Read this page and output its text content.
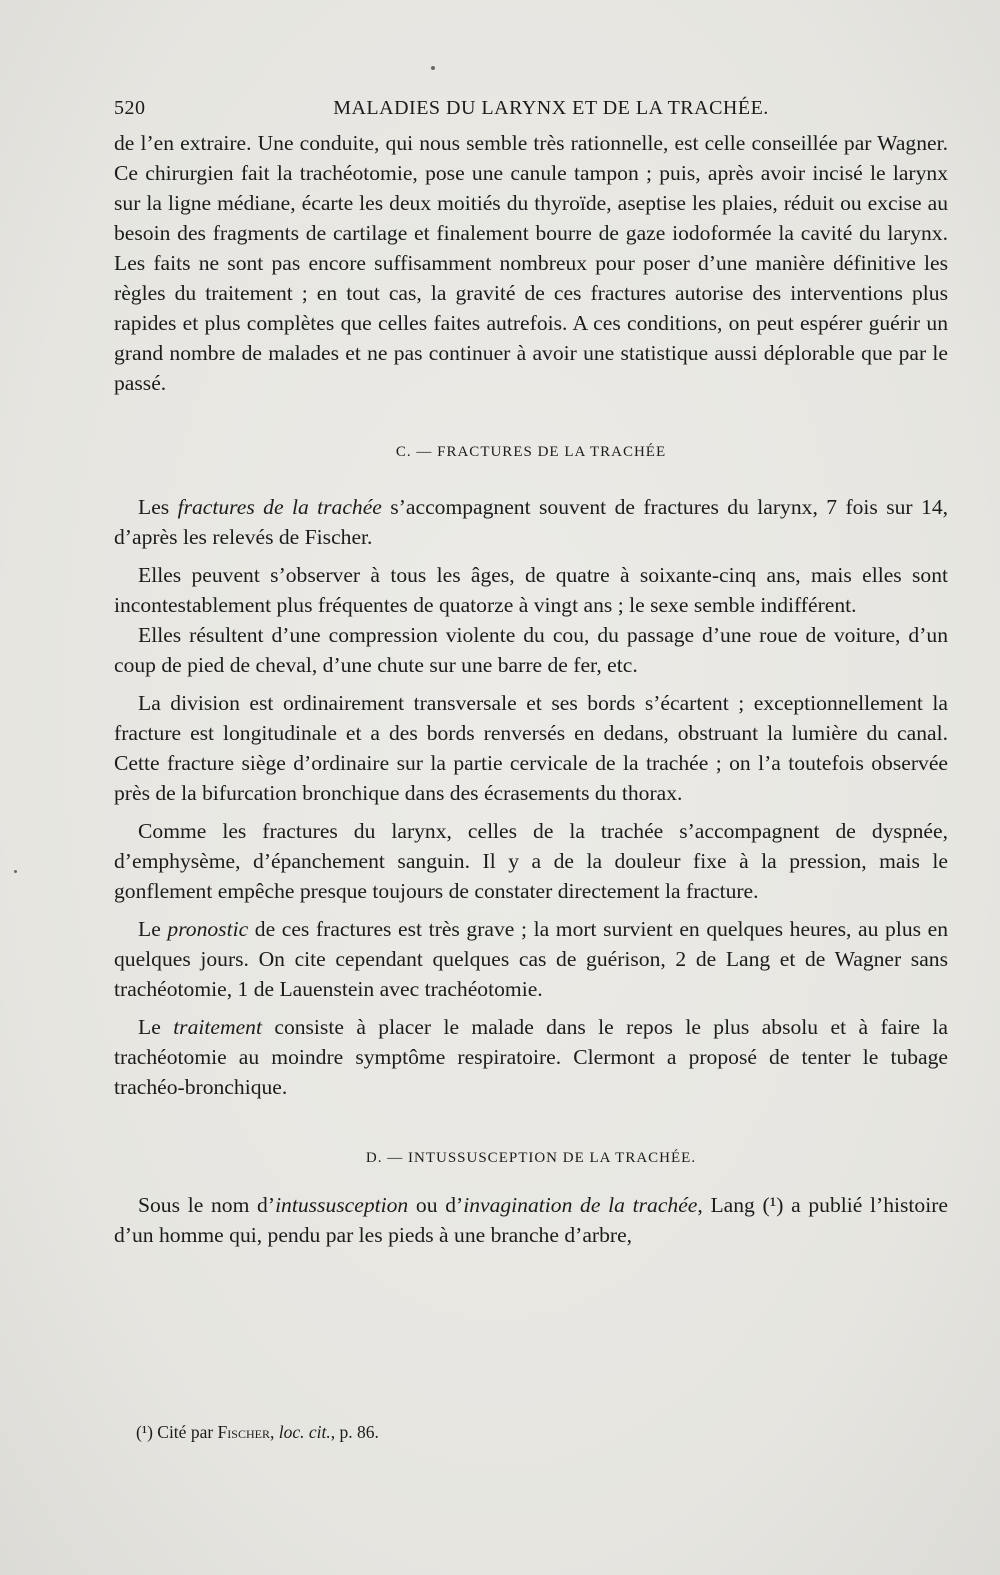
520	MALADIES DU LARYNX ET DE LA TRACHÉE.

de l’en extraire. Une conduite, qui nous semble très rationnelle, est celle conseillée par Wagner. Ce chirurgien fait la trachéotomie, pose une canule tampon ; puis, après avoir incisé le larynx sur la ligne médiane, écarte les deux moitiés du thyroïde, aseptise les plaies, réduit ou excise au besoin des fragments de cartilage et finalement bourre de gaze iodoformée la cavité du larynx. Les faits ne sont pas encore suffisamment nombreux pour poser d’une manière définitive les règles du traitement ; en tout cas, la gravité de ces fractures autorise des interventions plus rapides et plus complètes que celles faites autrefois. A ces conditions, on peut espérer guérir un grand nombre de malades et ne pas continuer à avoir une statistique aussi déplorable que par le passé.

C. — FRACTURES DE LA TRACHÉE

Les fractures de la trachée s’accompagnent souvent de fractures du larynx, 7 fois sur 14, d’après les relevés de Fischer.

Elles peuvent s’observer à tous les âges, de quatre à soixante-cinq ans, mais elles sont incontestablement plus fréquentes de quatorze à vingt ans ; le sexe semble indifférent.

Elles résultent d’une compression violente du cou, du passage d’une roue de voiture, d’un coup de pied de cheval, d’une chute sur une barre de fer, etc.

La division est ordinairement transversale et ses bords s’écartent ; exceptionnellement la fracture est longitudinale et a des bords renversés en dedans, obstruant la lumière du canal. Cette fracture siège d’ordinaire sur la partie cervicale de la trachée ; on l’a toutefois observée près de la bifurcation bronchique dans des écrasements du thorax.

Comme les fractures du larynx, celles de la trachée s’accompagnent de dyspnée, d’emphysème, d’épanchement sanguin. Il y a de la douleur fixe à la pression, mais le gonflement empêche presque toujours de constater directement la fracture.

Le pronostic de ces fractures est très grave ; la mort survient en quelques heures, au plus en quelques jours. On cite cependant quelques cas de guérison, 2 de Lang et de Wagner sans trachéotomie, 1 de Lauenstein avec trachéotomie.

Le traitement consiste à placer le malade dans le repos le plus absolu et à faire la trachéotomie au moindre symptôme respiratoire. Clermont a proposé de tenter le tubage trachéo-bronchique.

D. — INTUSSUSCEPTION DE LA TRACHÉE.

Sous le nom d’intussusception ou d’invagination de la trachée, Lang (¹) a publié l’histoire d’un homme qui, pendu par les pieds à une branche d’arbre,

(¹) Cité par Fischer, loc. cit., p. 86.
